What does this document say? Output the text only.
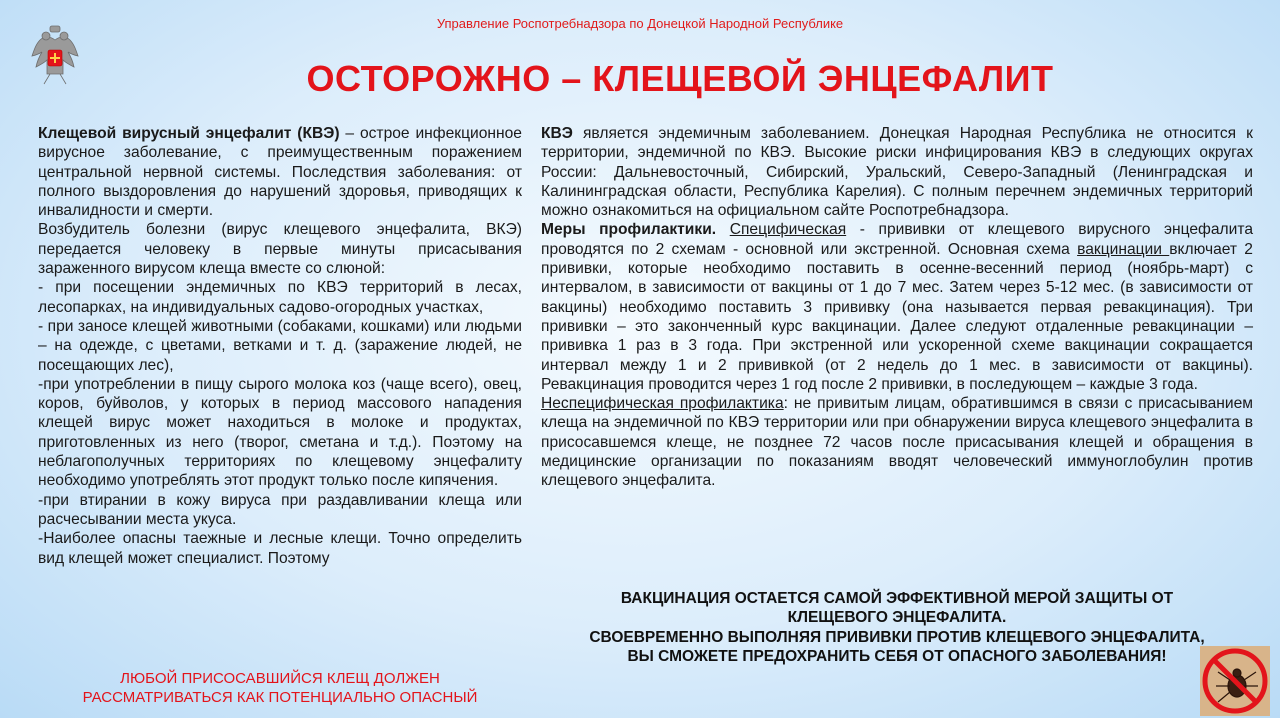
Управление Роспотребнадзора по Донецкой Народной Республике
ОСТОРОЖНО – КЛЕЩЕВОЙ ЭНЦЕФАЛИТ

Клещевой вирусный энцефалит (КВЭ) – острое инфекционное вирусное заболевание, с преимущественным поражением центральной нервной системы. Последствия заболевания: от полного выздоровления до нарушений здоровья, приводящих к инвалидности и смерти.

Возбудитель болезни (вирус клещевого энцефалита, ВКЭ) передается человеку в первые минуты присасывания зараженного вирусом клеща вместе со слюной:

- при посещении эндемичных по КВЭ территорий в лесах, лесопарках, на индивидуальных садово-огородных участках,

- при заносе клещей животными (собаками, кошками) или людьми – на одежде, с цветами, ветками и т. д. (заражение людей, не посещающих лес),

-при употреблении в пищу сырого молока коз (чаще всего), овец, коров, буйволов, у которых в период массового нападения клещей вирус может находиться в молоке и продуктах, приготовленных из него (творог, сметана и т.д.). Поэтому на неблагополучных территориях по клещевому энцефалиту необходимо употреблять этот продукт только после кипячения.

-при втирании в кожу вируса при раздавливании клеща или расчесывании места укуса.

-Наиболее опасны таежные и лесные клещи. Точно определить вид клещей может специалист. Поэтому

ЛЮБОЙ ПРИСОСАВШИЙСЯ КЛЕЩ ДОЛЖЕН
РАССМАТРИВАТЬСЯ КАК ПОТЕНЦИАЛЬНО ОПАСНЫЙ

КВЭ является эндемичным заболеванием. Донецкая Народная Республика не относится к территории, эндемичной по КВЭ. Высокие риски инфицирования КВЭ в следующих округах России: Дальневосточный, Сибирский, Уральский, Северо-Западный (Ленинградская и Калининградская области, Республика Карелия). С полным перечнем эндемичных территорий можно ознакомиться на официальном сайте Роспотребнадзора.

Меры профилактики. Специфическая - прививки от клещевого вирусного энцефалита проводятся по 2 схемам - основной или экстренной. Основная схема вакцинации включает 2 прививки, которые необходимо поставить в осенне-весенний период (ноябрь-март) с интервалом, в зависимости от вакцины от 1 до 7 мес. Затем через 5-12 мес. (в зависимости от вакцины) необходимо поставить 3 прививку (она называется первая ревакцинация). Три прививки – это законченный курс вакцинации. Далее следуют отдаленные ревакцинации – прививка 1 раз в 3 года. При экстренной или ускоренной схеме вакцинации сокращается интервал между 1 и 2 прививкой (от 2 недель до 1 мес. в зависимости от вакцины). Ревакцинация проводится через 1 год после 2 прививки, в последующем – каждые 3 года.

Неспецифическая профилактика: не привитым лицам, обратившимся в связи с присасыванием клеща на эндемичной по КВЭ территории или при обнаружении вируса клещевого энцефалита в присосавшемся клеще, не позднее 72 часов после присасывания клещей и обращения в медицинские организации по показаниям вводят человеческий иммуноглобулин против клещевого энцефалита.

ВАКЦИНАЦИЯ ОСТАЕТСЯ САМОЙ ЭФФЕКТИВНОЙ МЕРОЙ ЗАЩИТЫ ОТ
КЛЕЩЕВОГО ЭНЦЕФАЛИТА.
СВОЕВРЕМЕННО ВЫПОЛНЯЯ ПРИВИВКИ ПРОТИВ КЛЕЩЕВОГО ЭНЦЕФАЛИТА,
ВЫ СМОЖЕТЕ ПРЕДОХРАНИТЬ СЕБЯ ОТ ОПАСНОГО ЗАБОЛЕВАНИЯ!
